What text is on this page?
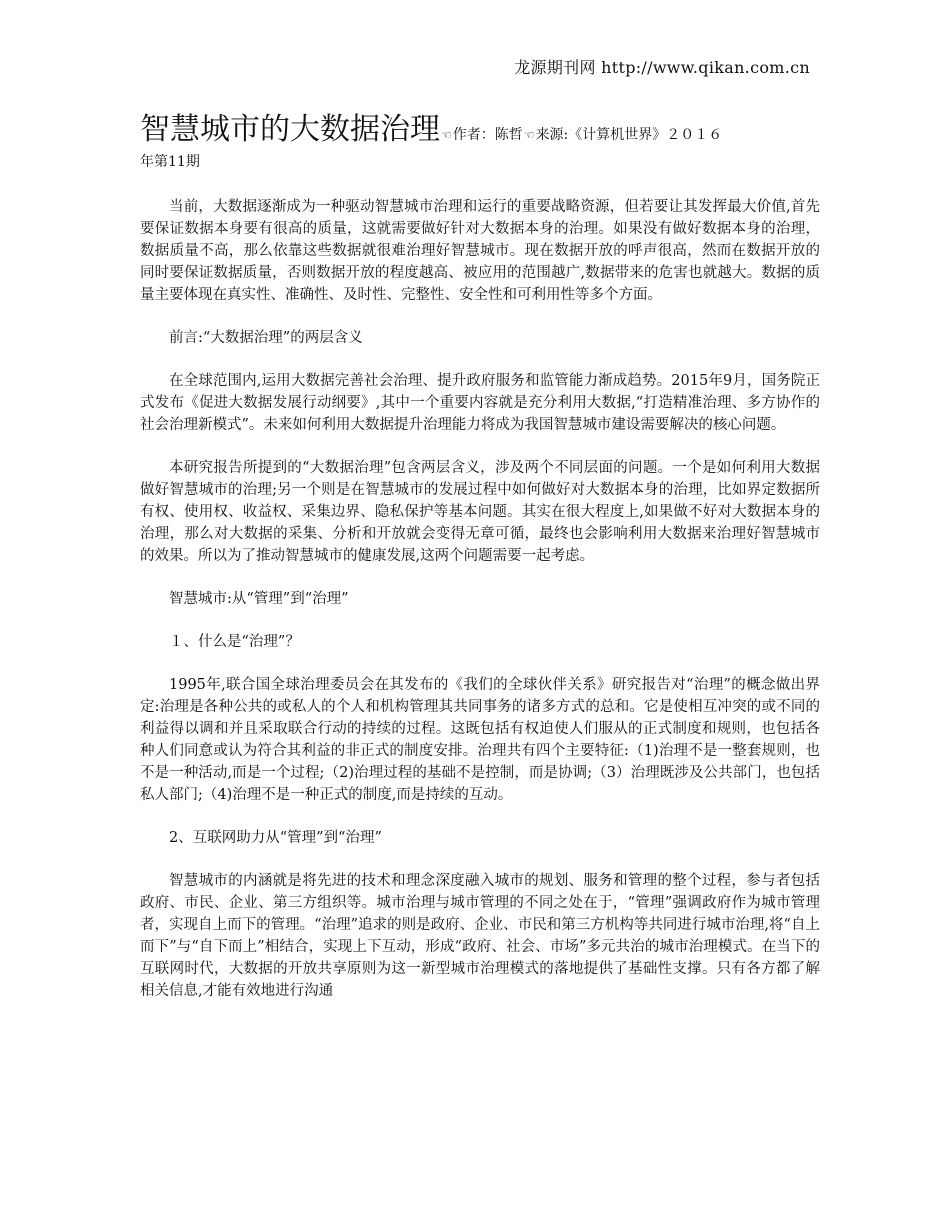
龙源期刊网 http://www.qikan.com.cn
智慧城市的大数据治理☜作者：陈哲☜来源:《计算机世界》２０１６
年第11期

当前，大数据逐渐成为一种驱动智慧城市治理和运行的重要战略资源，但若要让其发挥最大价值,首先要保证数据本身要有很高的质量，这就需要做好针对大数据本身的治理。如果没有做好数据本身的治理，数据质量不高，那么依靠这些数据就很难治理好智慧城市。现在数据开放的呼声很高，然而在数据开放的同时要保证数据质量，否则数据开放的程度越高、被应用的范围越广,数据带来的危害也就越大。数据的质量主要体现在真实性、准确性、及时性、完整性、安全性和可利用性等多个方面。

前言:“大数据治理”的两层含义

在全球范围内,运用大数据完善社会治理、提升政府服务和监管能力渐成趋势。2015年9月，国务院正式发布《促进大数据发展行动纲要》,其中一个重要内容就是充分利用大数据,“打造精准治理、多方协作的社会治理新模式”。未来如何利用大数据提升治理能力将成为我国智慧城市建设需要解决的核心问题。

本研究报告所提到的“大数据治理”包含两层含义，涉及两个不同层面的问题。一个是如何利用大数据做好智慧城市的治理;另一个则是在智慧城市的发展过程中如何做好对大数据本身的治理，比如界定数据所有权、使用权、收益权、采集边界、隐私保护等基本问题。其实在很大程度上,如果做不好对大数据本身的治理，那么对大数据的采集、分析和开放就会变得无章可循，最终也会影响利用大数据来治理好智慧城市的效果。所以为了推动智慧城市的健康发展,这两个问题需要一起考虑。

智慧城市:从“管理”到“治理”

１、什么是“治理”？

1995年,联合国全球治理委员会在其发布的《我们的全球伙伴关系》研究报告对“治理”的概念做出界定:治理是各种公共的或私人的个人和机构管理其共同事务的诸多方式的总和。它是使相互冲突的或不同的利益得以调和并且采取联合行动的持续的过程。这既包括有权迫使人们服从的正式制度和规则，也包括各种人们同意或认为符合其利益的非正式的制度安排。治理共有四个主要特征:（1)治理不是一整套规则，也不是一种活动,而是一个过程;（2)治理过程的基础不是控制，而是协调;（3）治理既涉及公共部门，也包括私人部门;（4)治理不是一种正式的制度,而是持续的互动。

2、互联网助力从“管理”到“治理”

智慧城市的内涵就是将先进的技术和理念深度融入城市的规划、服务和管理的整个过程，参与者包括政府、市民、企业、第三方组织等。城市治理与城市管理的不同之处在于，“管理”强调政府作为城市管理者，实现自上而下的管理。“治理”追求的则是政府、企业、市民和第三方机构等共同进行城市治理,将“自上而下”与“自下而上”相结合，实现上下互动，形成“政府、社会、市场”多元共治的城市治理模式。在当下的互联网时代，大数据的开放共享原则为这一新型城市治理模式的落地提供了基础性支撑。只有各方都了解相关信息,才能有效地进行沟通
